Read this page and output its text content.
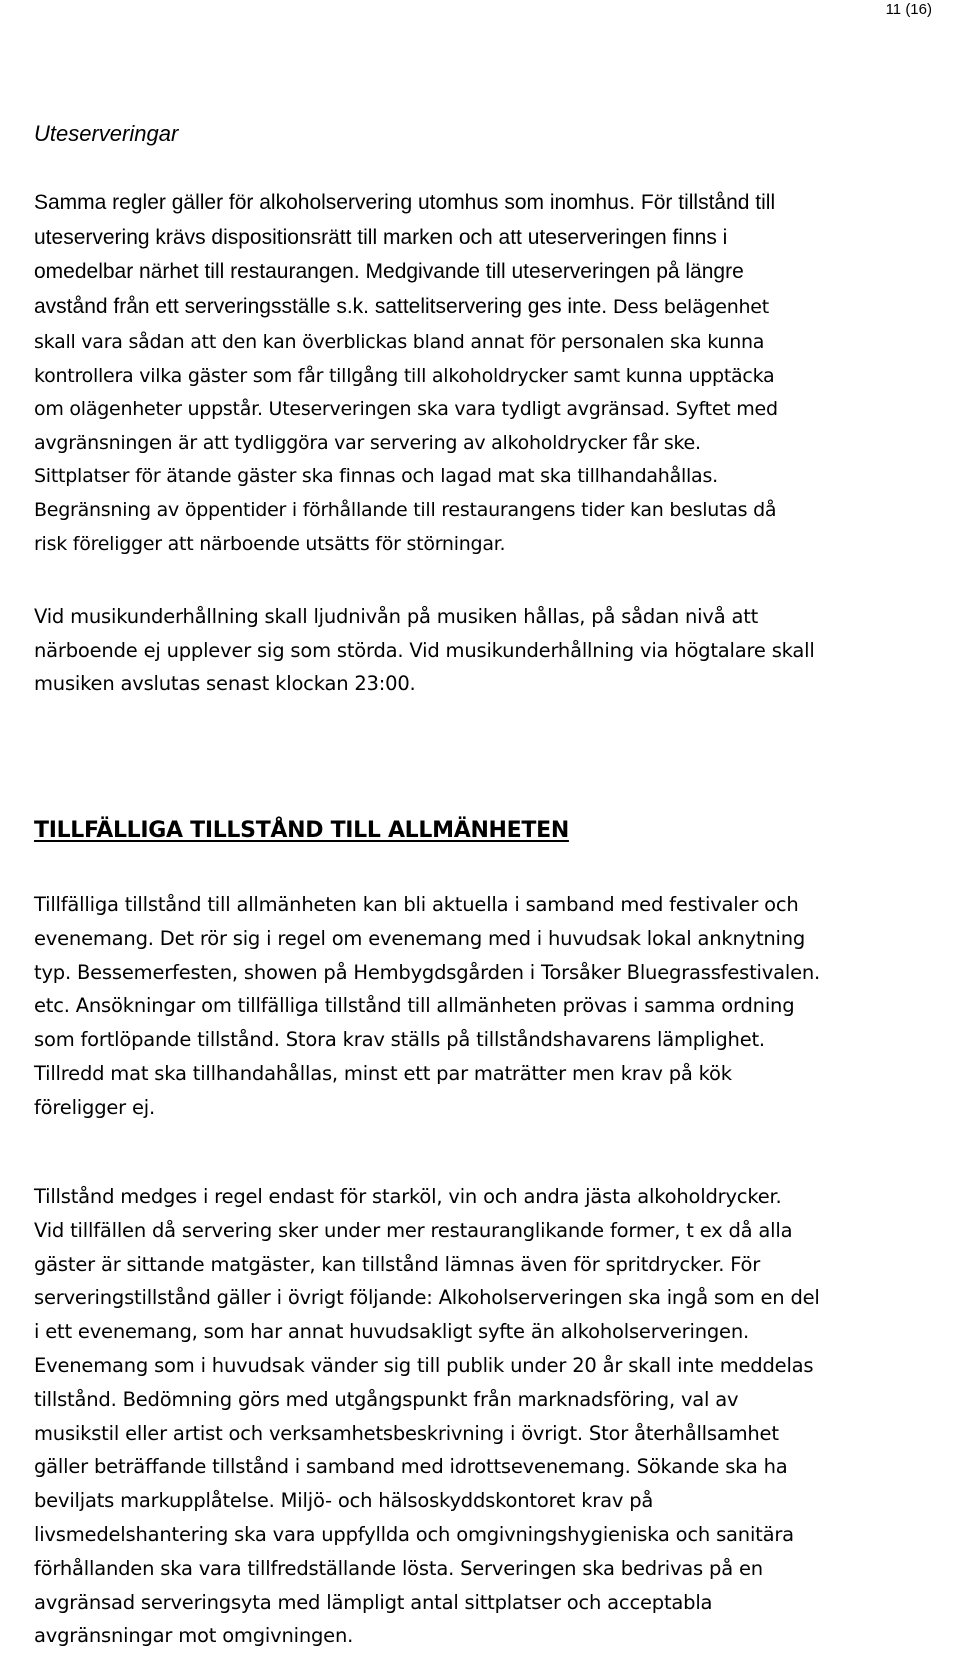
11 (16)
Uteserveringar
Samma regler gäller för alkoholservering utomhus som inomhus. För tillstånd till
uteservering krävs dispositionsrätt till marken och att uteserveringen finns i
omedelbar närhet till restaurangen. Medgivande till uteserveringen på längre
avstånd från ett serveringsställe s.k. sattelitservering ges inte. Dess belägenhet
skall vara sådan att den kan överblickas bland annat för personalen ska kunna
kontrollera vilka gäster som får tillgång till alkoholdrycker samt kunna upptäcka
om olägenheter uppstår. Uteserveringen ska vara tydligt avgränsad. Syftet med
avgränsningen är att tydliggöra var servering av alkoholdrycker får ske.
Sittplatser för ätande gäster ska finnas och lagad mat ska tillhandahållas.
Begränsning av öppentider i förhållande till restaurangens tider kan beslutas då
risk föreligger att närboende utsätts för störningar.
Vid musikunderhållning skall ljudnivån på musiken hållas, på sådan nivå att
närboende ej upplever sig som störda. Vid musikunderhållning via högtalare skall
musiken avslutas senast klockan 23:00.
TILLFÄLLIGA TILLSTÅND TILL ALLMÄNHETEN
Tillfälliga tillstånd till allmänheten kan bli aktuella i samband med festivaler och
evenemang. Det rör sig i regel om evenemang med i huvudsak lokal anknytning
typ. Bessemerfesten, showen på Hembygdsgården i Torsåker Bluegrassfestivalen.
etc. Ansökningar om tillfälliga tillstånd till allmänheten prövas i samma ordning
som fortlöpande tillstånd. Stora krav ställs på tillståndshavarens lämplighet.
Tillredd mat ska tillhandahållas, minst ett par maträtter men krav på kök
föreligger ej.
Tillstånd medges i regel endast för starköl, vin och andra jästa alkoholdrycker.
Vid tillfällen då servering sker under mer restauranglikande former, t ex då alla
gäster är sittande matgäster, kan tillstånd lämnas även för spritdrycker. För
serveringstillstånd gäller i övrigt följande: Alkoholserveringen ska ingå som en del
i ett evenemang, som har annat huvudsakligt syfte än alkoholserveringen.
Evenemang som i huvudsak vänder sig till publik under 20 år skall inte meddelas
tillstånd. Bedömning görs med utgångspunkt från marknadsföring, val av
musikstil eller artist och verksamhetsbeskrivning i övrigt. Stor återhållsamhet
gäller beträffande tillstånd i samband med idrottsevenemang. Sökande ska ha
beviljats markupplåtelse. Miljö- och hälsoskyddskontoret krav på
livsmedelshantering ska vara uppfyllda och omgivningshygieniska och sanitära
förhållanden ska vara tillfredställande lösta. Serveringen ska bedrivas på en
avgränsad serveringsyta med lämpligt antal sittplatser och acceptabla
avgränsningar mot omgivningen.
